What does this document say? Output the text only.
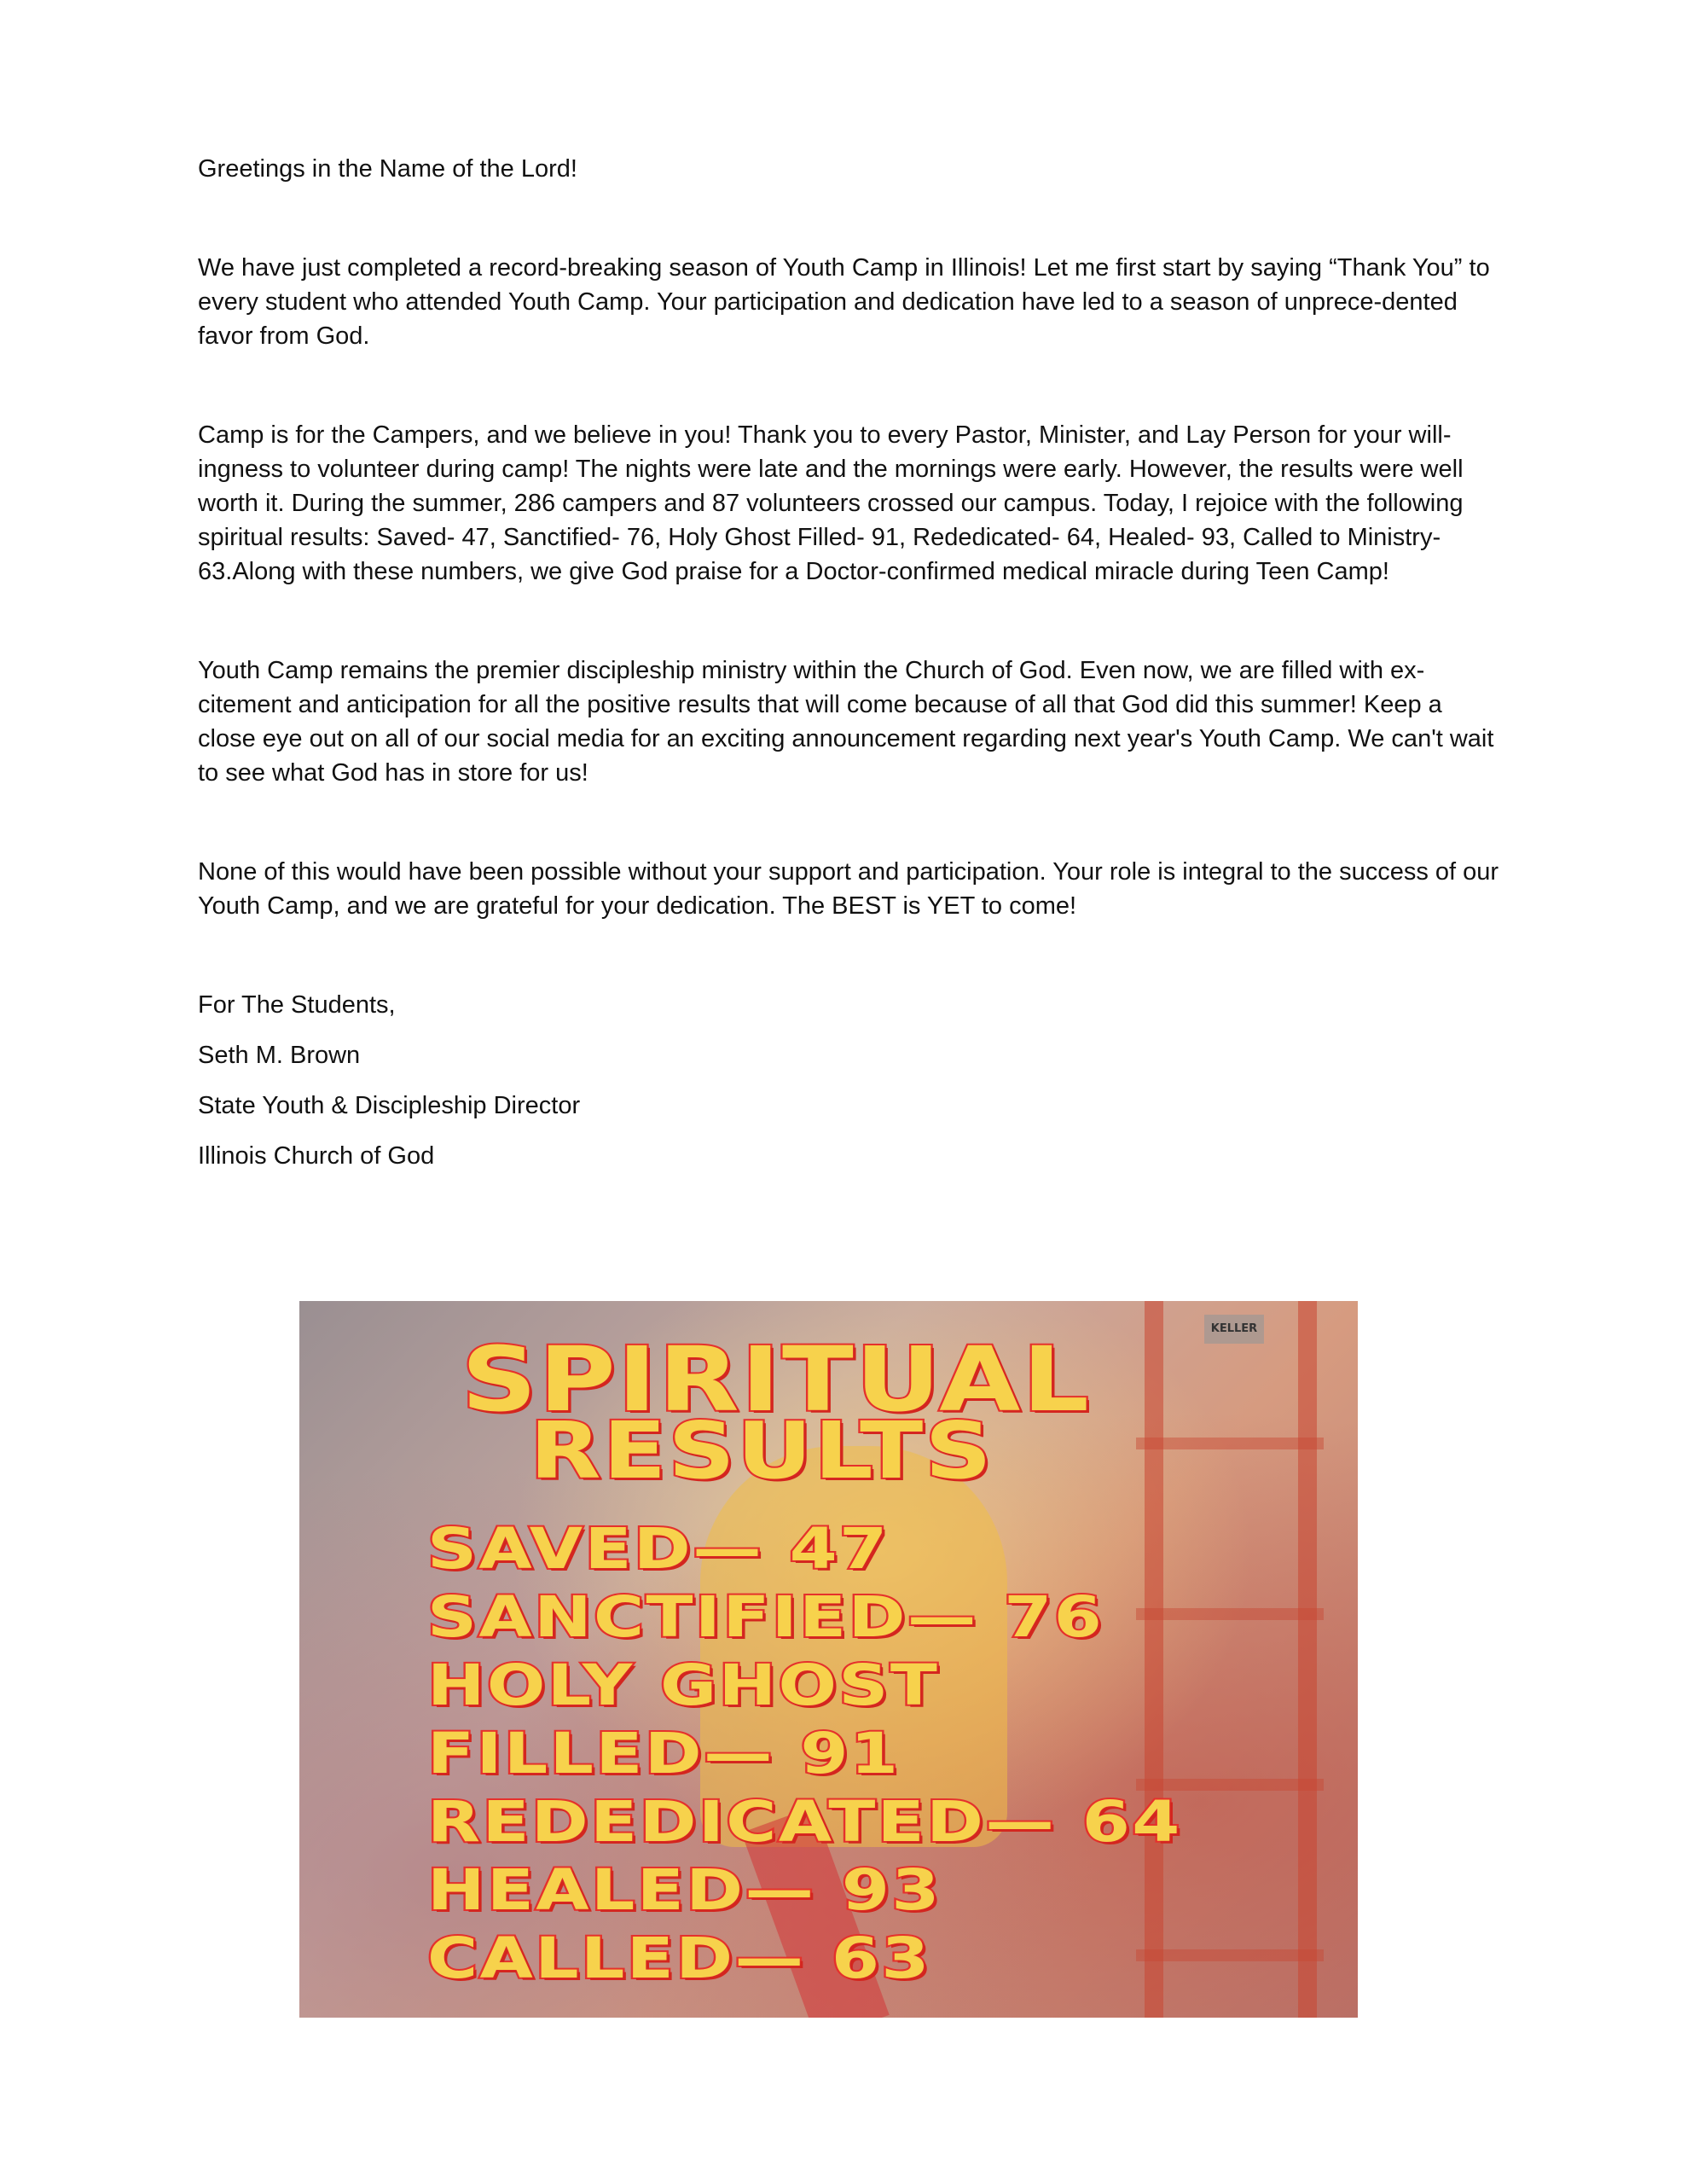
Greetings in the Name of the Lord!

We have just completed a record-breaking season of Youth Camp in Illinois! Let me first start by saying “Thank You” to every student who attended Youth Camp. Your participation and dedication have led to a season of unprece-dented favor from God.

Camp is for the Campers, and we believe in you! Thank you to every Pastor, Minister, and Lay Person for your will-ingness to volunteer during camp! The nights were late and the mornings were early. However, the results were well worth it. During the summer, 286 campers and 87 volunteers crossed our campus. Today, I rejoice with the following spiritual results: Saved- 47, Sanctified- 76, Holy Ghost Filled- 91, Rededicated- 64, Healed- 93, Called to Ministry- 63.Along with these numbers, we give God praise for a Doctor-confirmed medical miracle during Teen Camp!

Youth Camp remains the premier discipleship ministry within the Church of God. Even now, we are filled with ex-citement and anticipation for all the positive results that will come because of all that God did this summer! Keep a close eye out on all of our social media for an exciting announcement regarding next year's Youth Camp. We can't wait to see what God has in store for us!

None of this would have been possible without your support and participation. Your role is integral to the success of our Youth Camp, and we are grateful for your dedication. The BEST is YET to come!

For The Students,

Seth M. Brown

State Youth & Discipleship Director

Illinois Church of God

KELLER
SPIRITUAL
RESULTS
SAVED— 47
SANCTIFIED— 76
HOLY GHOST
FILLED— 91
REDEDICATED— 64
HEALED— 93
CALLED— 63
